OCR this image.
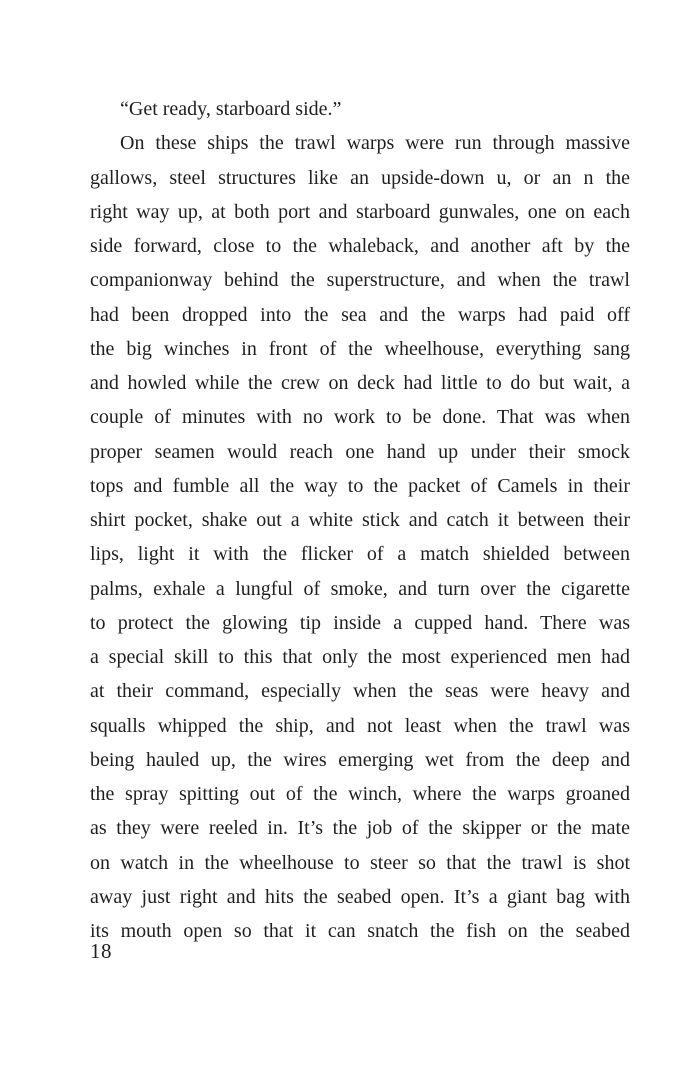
“Get ready, starboard side.”
On these ships the trawl warps were run through massive
gallows, steel structures like an upside-down u, or an n the
right way up, at both port and starboard gunwales, one on each
side forward, close to the whaleback, and another aft by the
companionway behind the superstructure, and when the trawl
had been dropped into the sea and the warps had paid off
the big winches in front of the wheelhouse, everything sang
and howled while the crew on deck had little to do but wait, a
couple of minutes with no work to be done. That was when
proper seamen would reach one hand up under their smock
tops and fumble all the way to the packet of Camels in their
shirt pocket, shake out a white stick and catch it between their
lips, light it with the flicker of a match shielded between
palms, exhale a lungful of smoke, and turn over the cigarette
to protect the glowing tip inside a cupped hand. There was
a special skill to this that only the most experienced men had
at their command, especially when the seas were heavy and
squalls whipped the ship, and not least when the trawl was
being hauled up, the wires emerging wet from the deep and
the spray spitting out of the winch, where the warps groaned
as they were reeled in. It’s the job of the skipper or the mate
on watch in the wheelhouse to steer so that the trawl is shot
away just right and hits the seabed open. It’s a giant bag with
its mouth open so that it can snatch the fish on the seabed
18
